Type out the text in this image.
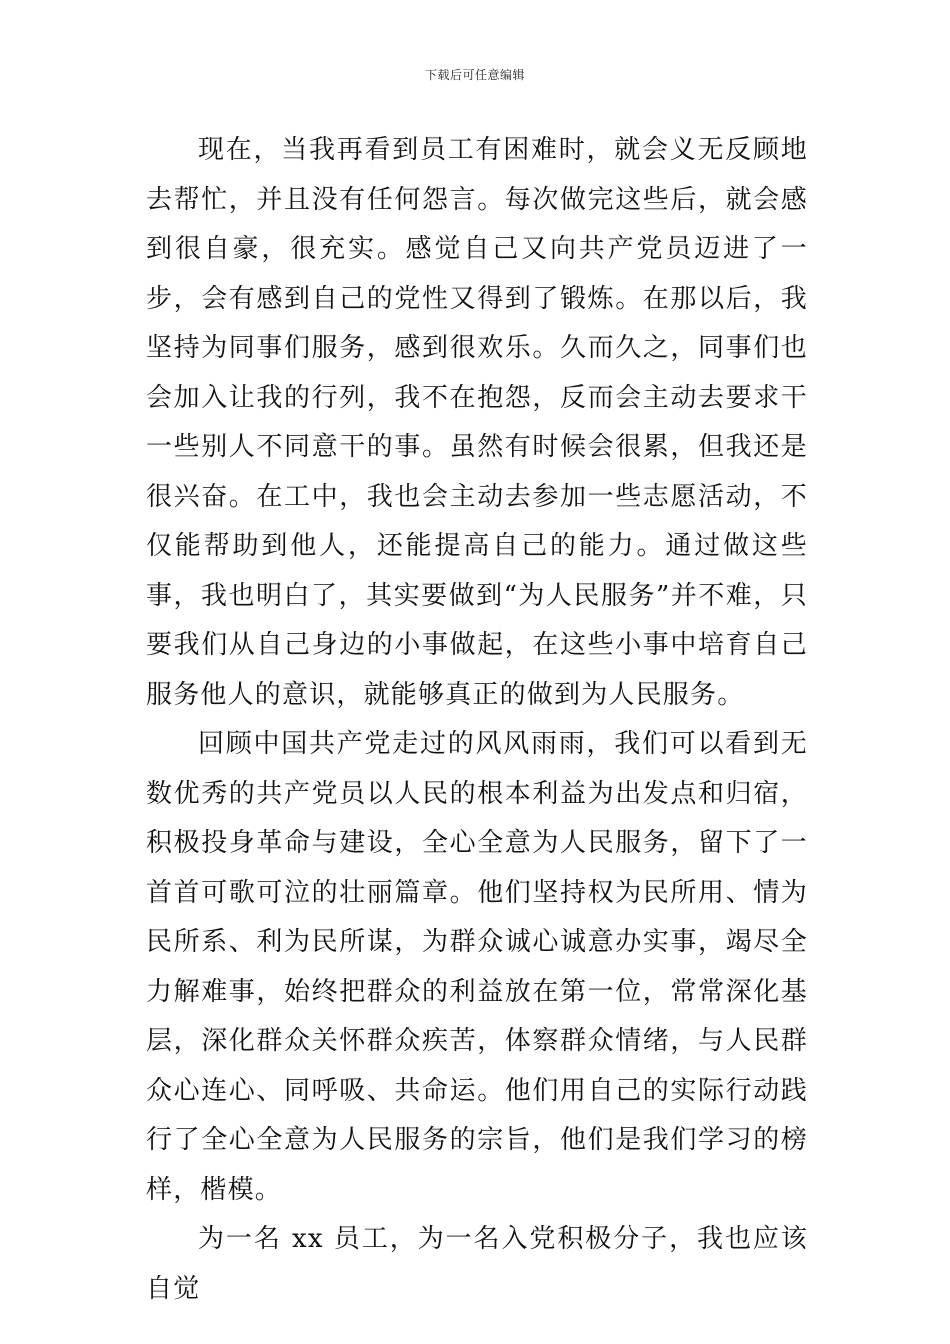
下载后可任意编辑

现在，当我再看到员工有困难时，就会义无反顾地去帮忙，并且没有任何怨言。每次做完这些后，就会感到很自豪，很充实。感觉自己又向共产党员迈进了一步，会有感到自己的党性又得到了锻炼。在那以后，我坚持为同事们服务，感到很欢乐。久而久之，同事们也会加入让我的行列，我不在抱怨，反而会主动去要求干一些别人不同意干的事。虽然有时候会很累，但我还是很兴奋。在工中，我也会主动去参加一些志愿活动，不仅能帮助到他人，还能提高自己的能力。通过做这些事，我也明白了，其实要做到“为人民服务”并不难，只要我们从自己身边的小事做起，在这些小事中培育自己服务他人的意识，就能够真正的做到为人民服务。

回顾中国共产党走过的风风雨雨，我们可以看到无数优秀的共产党员以人民的根本利益为出发点和归宿，积极投身革命与建设，全心全意为人民服务，留下了一首首可歌可泣的壮丽篇章。他们坚持权为民所用、情为民所系、利为民所谋，为群众诚心诚意办实事，竭尽全力解难事，始终把群众的利益放在第一位，常常深化基层，深化群众关怀群众疾苦，体察群众情绪，与人民群众心连心、同呼吸、共命运。他们用自己的实际行动践行了全心全意为人民服务的宗旨，他们是我们学习的榜样，楷模。

为一名 xx 员工，为一名入党积极分子，我也应该自觉
